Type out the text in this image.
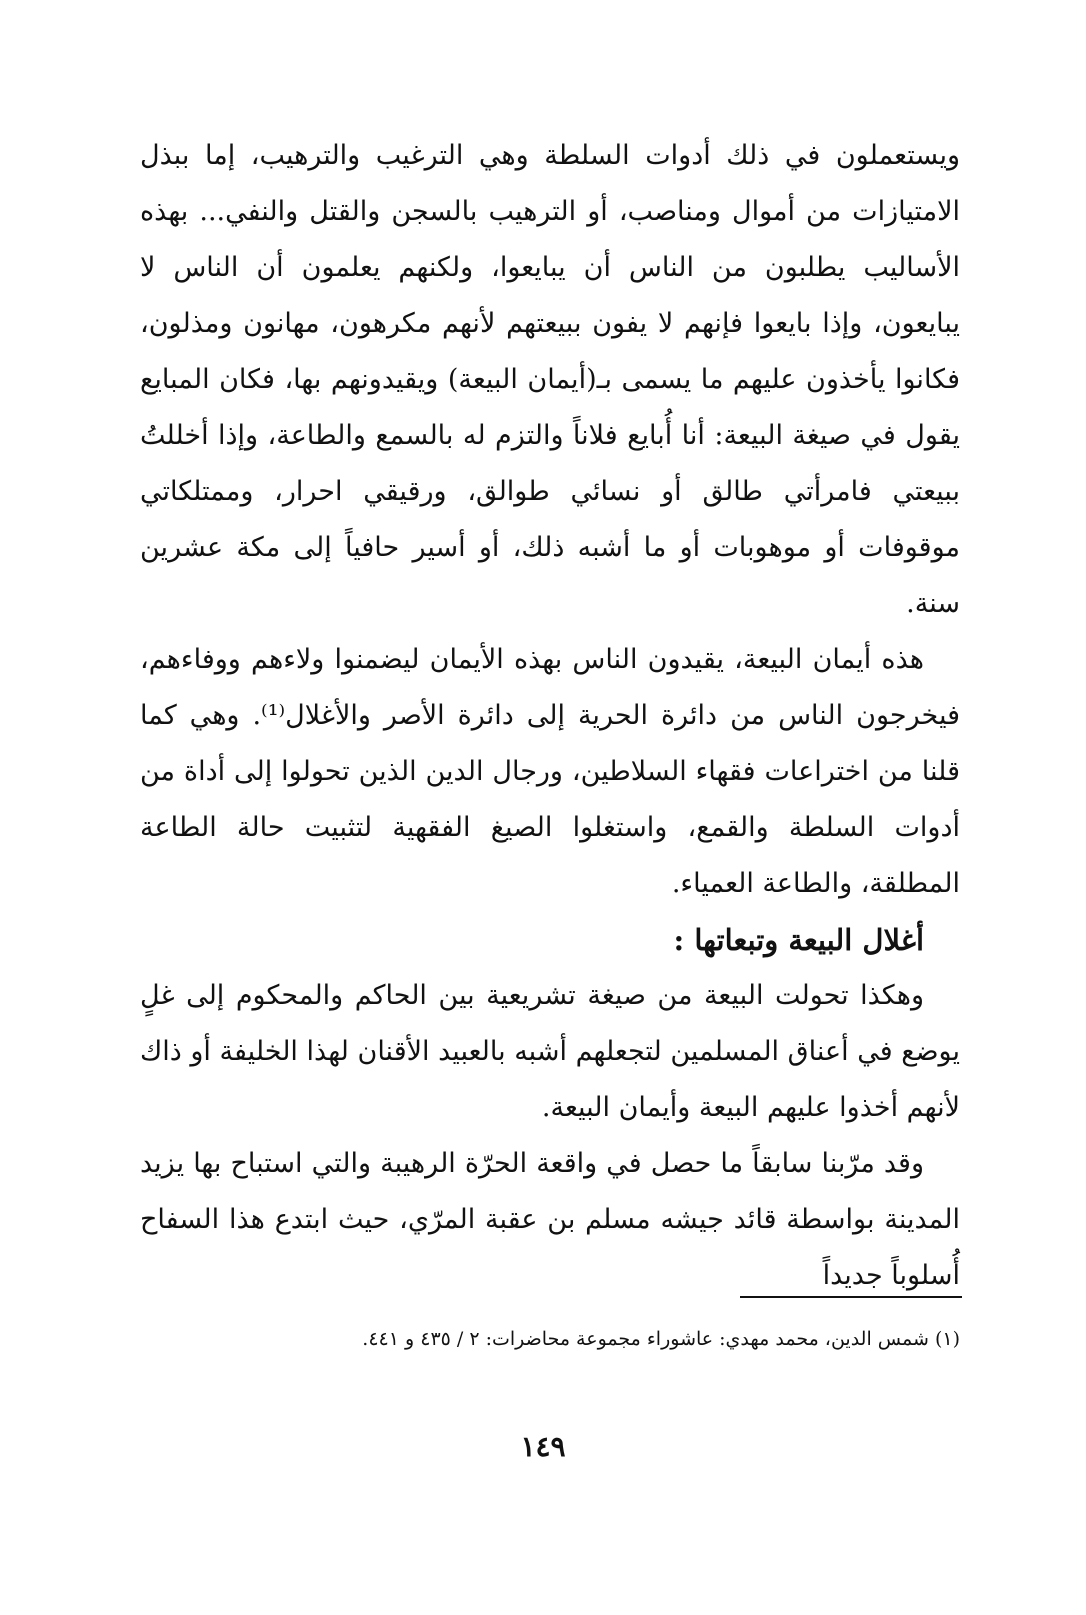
ويستعملون في ذلك أدوات السلطة وهي الترغيب والترهيب، إما ببذل الامتيازات من أموال ومناصب، أو الترهيب بالسجن والقتل والنفي... بهذه الأساليب يطلبون من الناس أن يبايعوا، ولكنهم يعلمون أن الناس لا يبايعون، وإذا بايعوا فإنهم لا يفون ببيعتهم لأنهم مكرهون، مهانون ومذلون، فكانوا يأخذون عليهم ما يسمى بـ(أيمان البيعة) ويقيدونهم بها، فكان المبايع يقول في صيغة البيعة: أنا أُبايع فلاناً والتزم له بالسمع والطاعة، وإذا أخللتُ ببيعتي فامرأتي طالق أو نسائي طوالق، ورقيقي احرار، وممتلكاتي موقوفات أو موهوبات أو ما أشبه ذلك، أو أسير حافياً إلى مكة عشرين سنة.

هذه أيمان البيعة، يقيدون الناس بهذه الأيمان ليضمنوا ولاءهم ووفاءهم، فيخرجون الناس من دائرة الحرية إلى دائرة الأصر والأغلال⁽¹⁾. وهي كما قلنا من اختراعات فقهاء السلاطين، ورجال الدين الذين تحولوا إلى أداة من أدوات السلطة والقمع، واستغلوا الصيغ الفقهية لتثبيت حالة الطاعة المطلقة، والطاعة العمياء.

أغلال البيعة وتبعاتها :

وهكذا تحولت البيعة من صيغة تشريعية بين الحاكم والمحكوم إلى غلٍ يوضع في أعناق المسلمين لتجعلهم أشبه بالعبيد الأقنان لهذا الخليفة أو ذاك لأنهم أخذوا عليهم البيعة وأيمان البيعة.

وقد مرّبنا سابقاً ما حصل في واقعة الحرّة الرهيبة والتي استباح بها يزيد المدينة بواسطة قائد جيشه مسلم بن عقبة المرّي، حيث ابتدع هذا السفاح أُسلوباً جديداً

(١) شمس الدين، محمد مهدي: عاشوراء مجموعة محاضرات: ٢ / ٤٣٥ و ٤٤١.
١٤٩
